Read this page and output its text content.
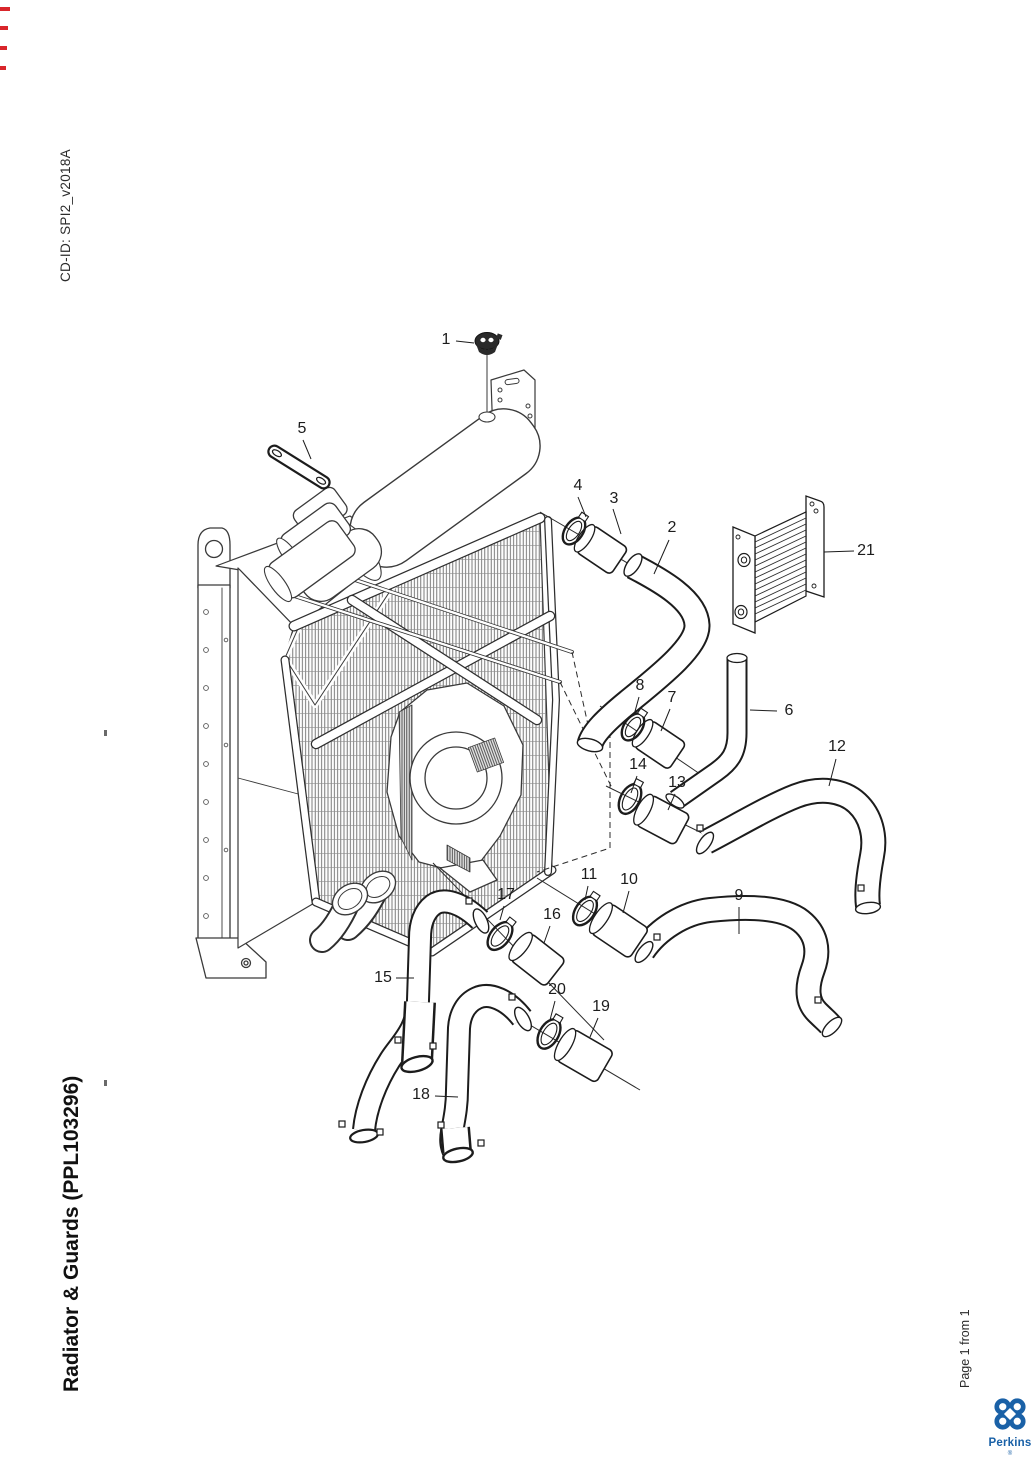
CD-ID: SPI2_v2018A
Radiator & Guards (PPL103296)	Page 1 from 1
1
2
3
4
5
6
7
8
9
10
11
12
13
14
15
16
17
18
19
20
21
Perkins®
